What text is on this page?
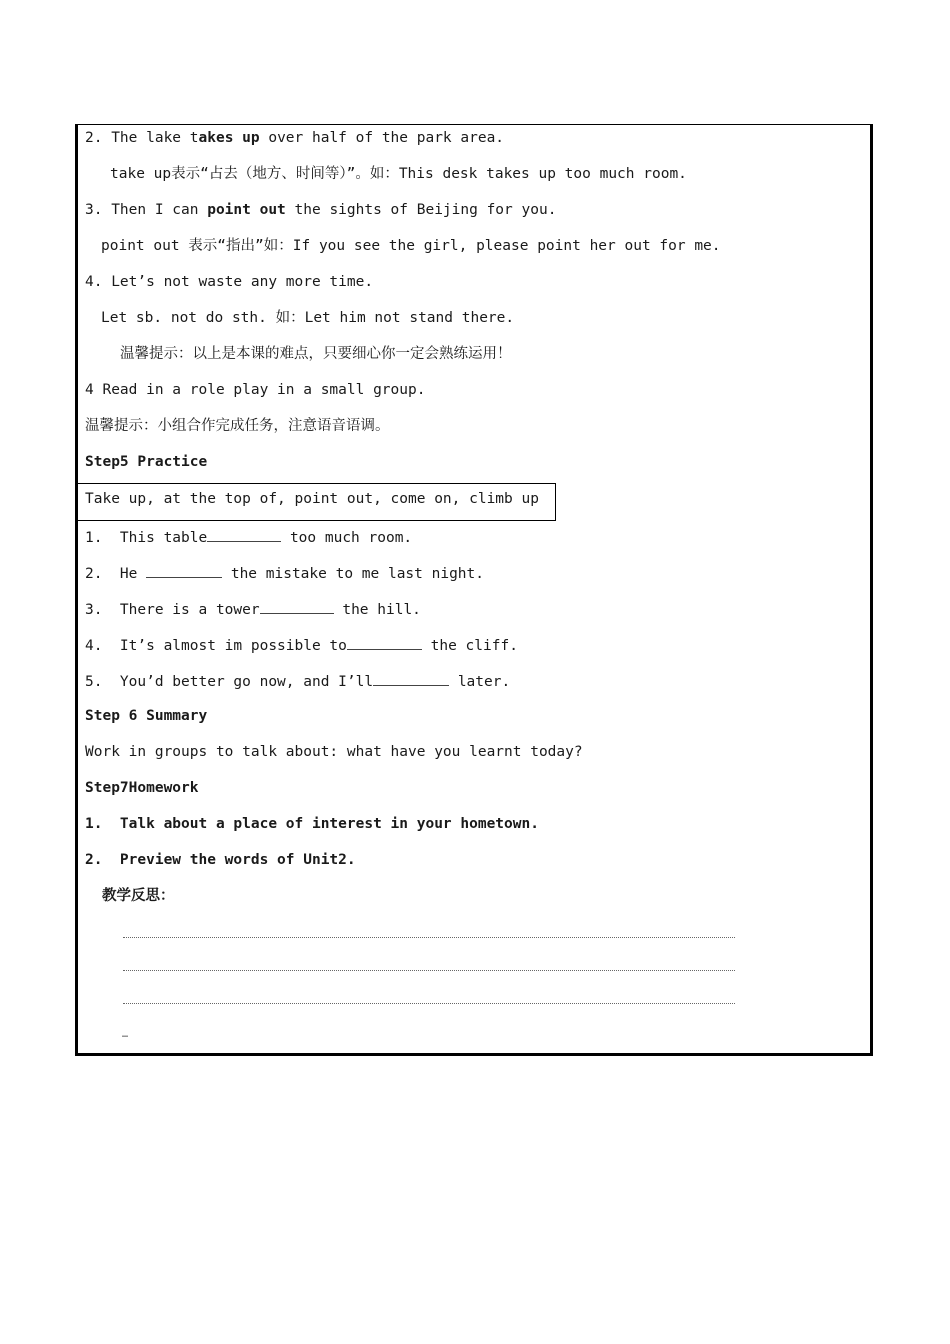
2. The lake takes up over half of the park area.
take up表示“占去（地方、时间等）”。如：This desk takes up too much room.
3. Then I can point out the sights of Beijing for you.
point out 表示“指出”如：If you see the girl, please point her out for me.
4. Let’s not waste any more time.
Let sb. not do sth. 如：Let him not stand there.
温馨提示：以上是本课的难点，只要细心你一定会熟练运用！
4 Read in a role play in a small group.
温馨提示：小组合作完成任务，注意语音语调。
Step5 Practice
Take up, at the top of, point out, come on, climb up
1.  This table	too much room.
2.  He	the mistake to me last night.
3.  There is a tower	the hill.
4.  It’s almost im possible to	the cliff.
5.  You’d better go now, and I’ll	later.
Step 6 Summary
Work in groups to talk about: what have you learnt today?
Step7Homework
1.  Talk about a place of interest in your hometown.
2.  Preview the words of Unit2.
教学反思：
…
